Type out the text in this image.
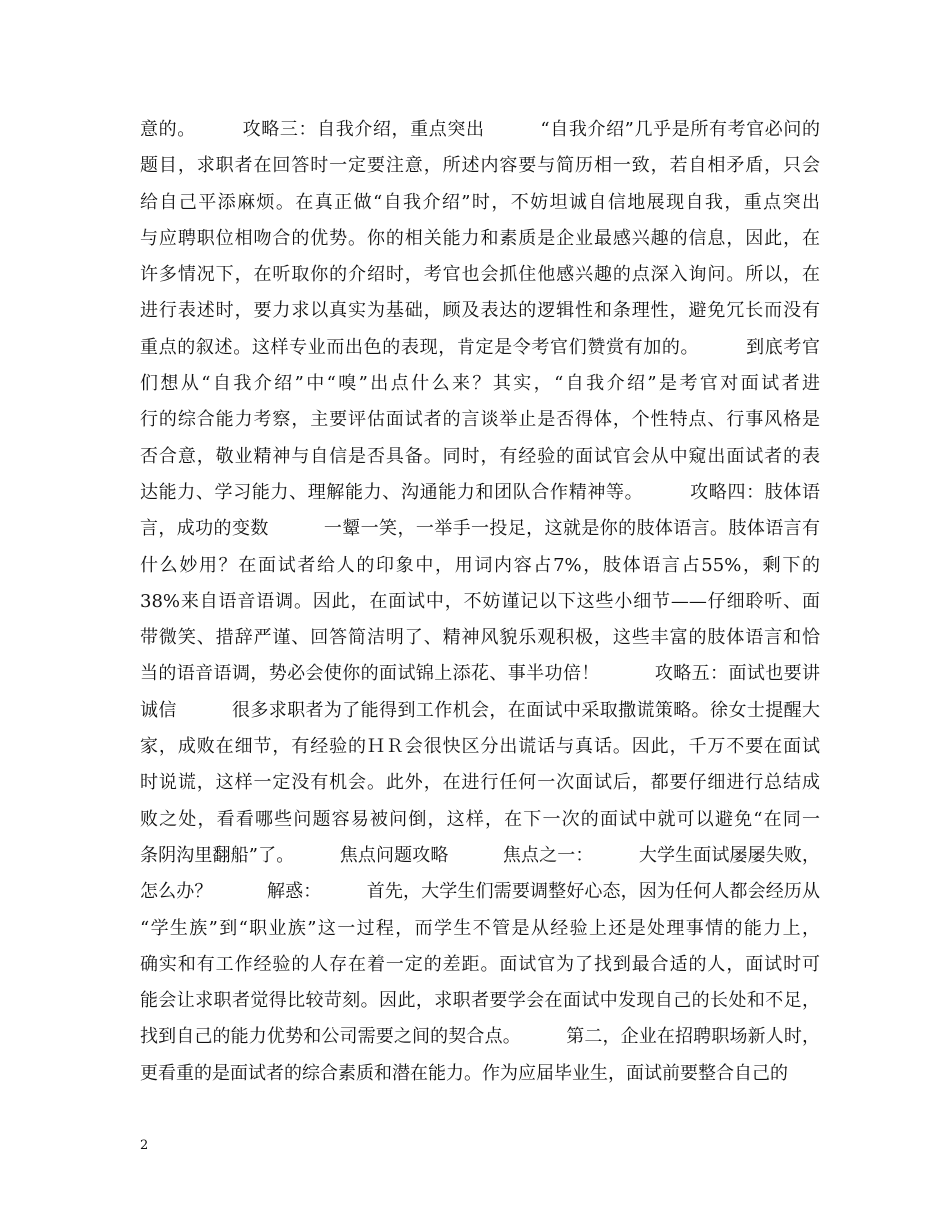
意的。　　　攻略三：自我介绍，重点突出　　　“自我介绍”几乎是所有考官必问的
题目，求职者在回答时一定要注意，所述内容要与简历相一致，若自相矛盾，只会
给自己平添麻烦。在真正做“自我介绍”时，不妨坦诚自信地展现自我，重点突出
与应聘职位相吻合的优势。你的相关能力和素质是企业最感兴趣的信息，因此，在
许多情况下，在听取你的介绍时，考官也会抓住他感兴趣的点深入询问。所以，在
进行表述时，要力求以真实为基础，顾及表达的逻辑性和条理性，避免冗长而没有
重点的叙述。这样专业而出色的表现，肯定是令考官们赞赏有加的。　　　到底考官
们想从“自我介绍”中“嗅”出点什么来？其实，“自我介绍”是考官对面试者进
行的综合能力考察，主要评估面试者的言谈举止是否得体，个性特点、行事风格是
否合意，敬业精神与自信是否具备。同时，有经验的面试官会从中窥出面试者的表
达能力、学习能力、理解能力、沟通能力和团队合作精神等。　　　攻略四：肢体语
言，成功的变数　　　一颦一笑，一举手一投足，这就是你的肢体语言。肢体语言有
什么妙用？在面试者给人的印象中，用词内容占7%，肢体语言占55%，剩下的
38%来自语音语调。因此，在面试中，不妨谨记以下这些小细节——仔细聆听、面
带微笑、措辞严谨、回答简洁明了、精神风貌乐观积极，这些丰富的肢体语言和恰
当的语音语调，势必会使你的面试锦上添花、事半功倍！　　　攻略五：面试也要讲
诚信　　　很多求职者为了能得到工作机会，在面试中采取撒谎策略。徐女士提醒大
家，成败在细节，有经验的ＨＲ会很快区分出谎话与真话。因此，千万不要在面试
时说谎，这样一定没有机会。此外，在进行任何一次面试后，都要仔细进行总结成
败之处，看看哪些问题容易被问倒，这样，在下一次的面试中就可以避免“在同一
条阴沟里翻船”了。　　　焦点问题攻略　　　焦点之一：　　　大学生面试屡屡失败，
怎么办？　　　解惑：　　　首先，大学生们需要调整好心态，因为任何人都会经历从
“学生族”到“职业族”这一过程，而学生不管是从经验上还是处理事情的能力上，
确实和有工作经验的人存在着一定的差距。面试官为了找到最合适的人，面试时可
能会让求职者觉得比较苛刻。因此，求职者要学会在面试中发现自己的长处和不足，
找到自己的能力优势和公司需要之间的契合点。　　　第二，企业在招聘职场新人时，
更看重的是面试者的综合素质和潜在能力。作为应届毕业生，面试前要整合自己的
2
